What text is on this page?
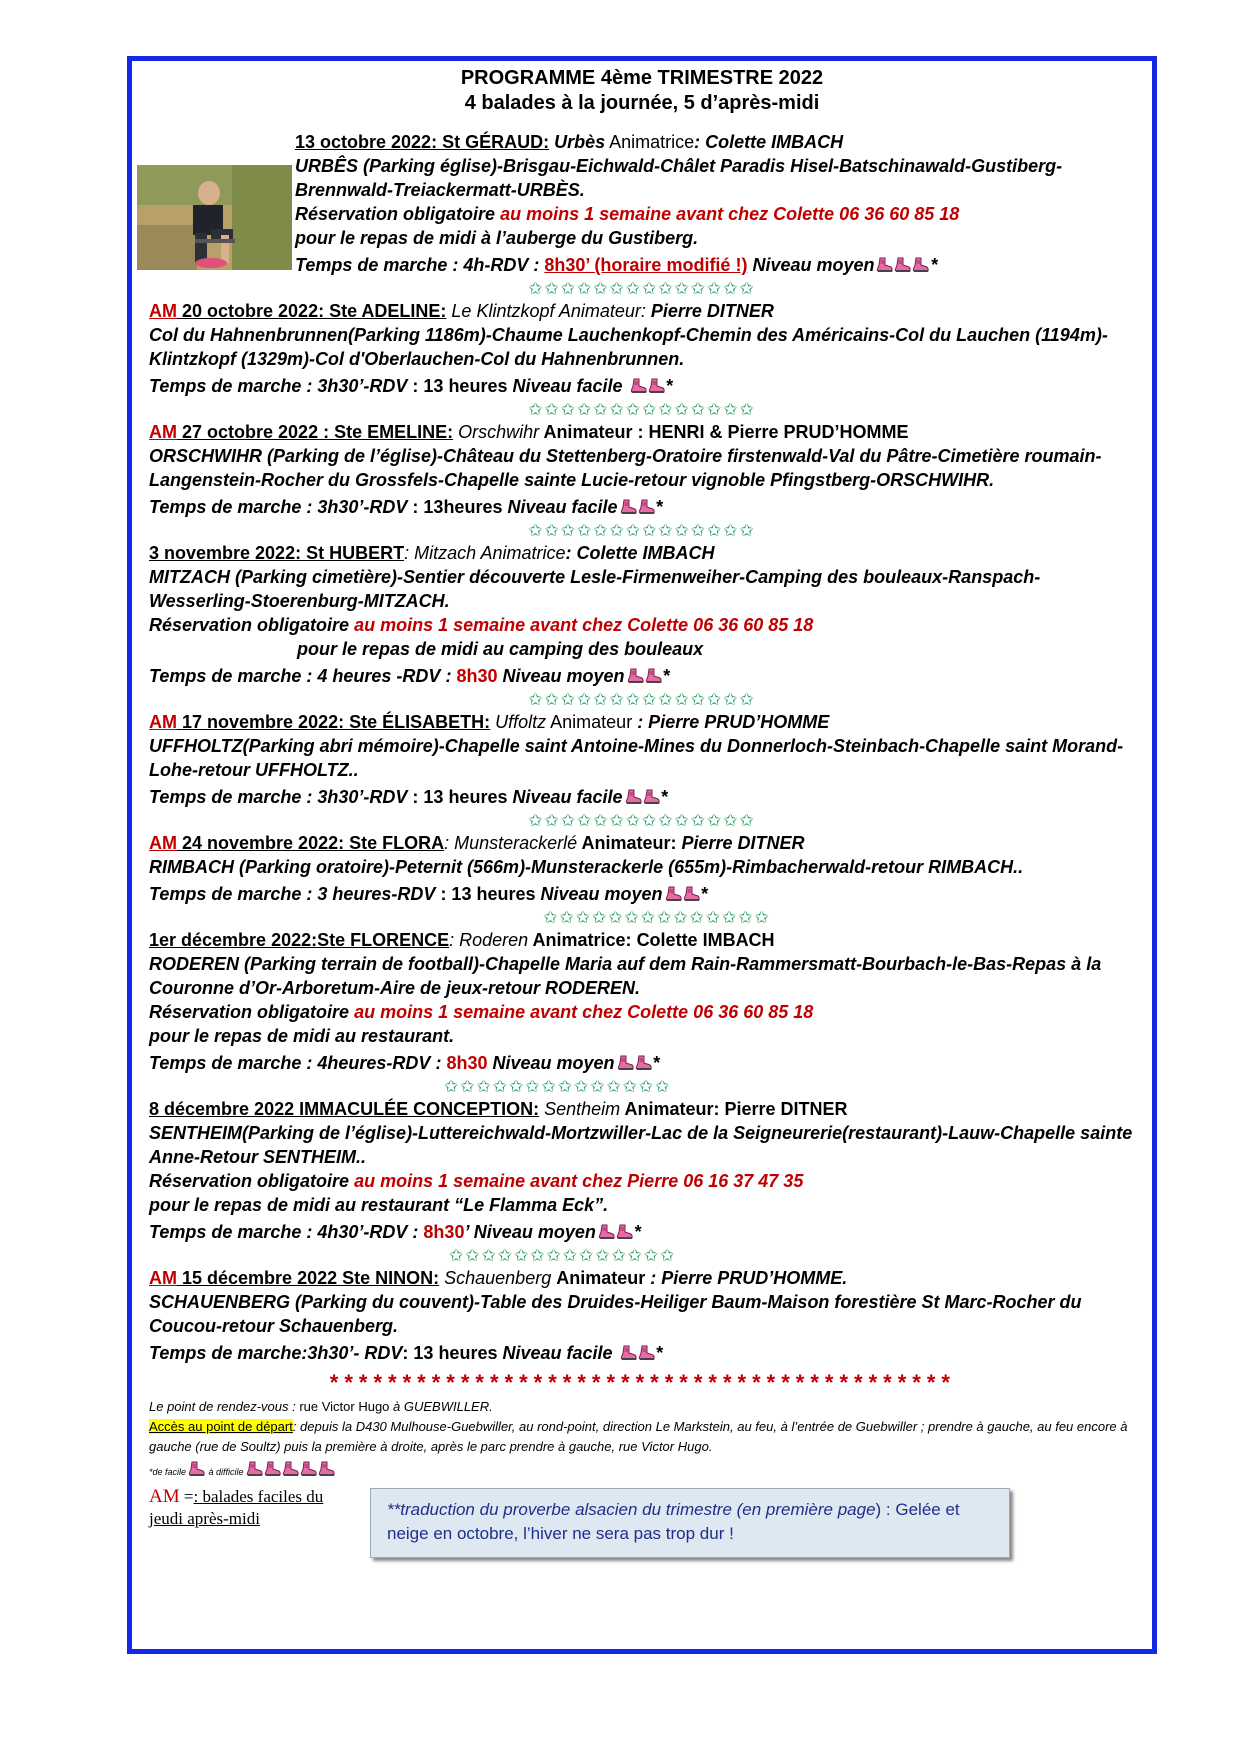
PROGRAMME 4ème TRIMESTRE 2022
4 balades à la journée, 5 d’après-midi

13 octobre 2022: St GÉRAUD: Urbès Animatrice: Colette IMBACH

URBÊS (Parking église)-Brisgau-Eichwald-Châlet Paradis Hisel-Batschinawald-Gustiberg-Brennwald-Treiackermatt-URBÈS.

Réservation obligatoire au moins 1 semaine avant chez Colette 06 36 60 85 18

pour le repas de midi à l’auberge du Gustiberg.

Temps de marche : 4h-RDV : 8h30’ (horaire modifié !) Niveau moyen	*

✩✩✩✩✩✩✩✩✩✩✩✩✩✩

AM 20 octobre 2022: Ste ADELINE: Le Klintzkopf Animateur: Pierre DITNER

Col du Hahnenbrunnen(Parking 1186m)-Chaume Lauchenkopf-Chemin des Américains-Col du Lauchen (1194m)-Klintzkopf (1329m)-Col d'Oberlauchen-Col du Hahnenbrunnen.

Temps de marche : 3h30’-RDV : 13 heures Niveau facile *

✩✩✩✩✩✩✩✩✩✩✩✩✩✩

AM 27 octobre 2022 : Ste EMELINE: Orschwihr Animateur : HENRI & Pierre PRUD’HOMME

ORSCHWIHR (Parking de l’église)-Château du Stettenberg-Oratoire firstenwald-Val du Pâtre-Cimetière roumain-Langenstein-Rocher du Grossfels-Chapelle sainte Lucie-retour vignoble Pfingstberg-ORSCHWIHR.

Temps de marche : 3h30’-RDV : 13heures Niveau facile *

✩✩✩✩✩✩✩✩✩✩✩✩✩✩

3 novembre 2022: St HUBERT: Mitzach Animatrice: Colette IMBACH

MITZACH (Parking cimetière)-Sentier découverte Lesle-Firmenweiher-Camping des bouleaux-Ranspach-Wesserling-Stoerenburg-MITZACH.

Réservation obligatoire au moins 1 semaine avant chez Colette 06 36 60 85 18

pour le repas de midi au camping des bouleaux

Temps de marche : 4 heures -RDV : 8h30 Niveau moyen *

✩✩✩✩✩✩✩✩✩✩✩✩✩✩

AM 17 novembre 2022: Ste ÉLISABETH: Uffoltz Animateur : Pierre PRUD’HOMME

UFFHOLTZ(Parking abri mémoire)-Chapelle saint Antoine-Mines du Donnerloch-Steinbach-Chapelle saint Morand-Lohe-retour UFFHOLTZ..

Temps de marche : 3h30’-RDV : 13 heures Niveau facile *

✩✩✩✩✩✩✩✩✩✩✩✩✩✩

AM 24 novembre 2022: Ste FLORA: Munsterackerlé Animateur: Pierre DITNER

RIMBACH (Parking oratoire)-Peternit (566m)-Munsterackerle (655m)-Rimbacherwald-retour RIMBACH..

Temps de marche : 3 heures-RDV : 13 heures Niveau moyen *

✩✩✩✩✩✩✩✩✩✩✩✩✩✩

1er décembre 2022:Ste FLORENCE: Roderen Animatrice: Colette IMBACH

RODEREN (Parking terrain de football)-Chapelle Maria auf dem Rain-Rammersmatt-Bourbach-le-Bas-Repas à la Couronne d’Or-Arboretum-Aire de jeux-retour RODEREN.

Réservation obligatoire au moins 1 semaine avant chez Colette 06 36 60 85 18

pour le repas de midi au restaurant.

Temps de marche : 4heures-RDV : 8h30 Niveau moyen *

✩✩✩✩✩✩✩✩✩✩✩✩✩✩

8 décembre 2022 IMMACULÉE CONCEPTION: Sentheim Animateur: Pierre DITNER

SENTHEIM(Parking de l’église)-Luttereichwald-Mortzwiller-Lac de la Seigneurerie(restaurant)-Lauw-Chapelle sainte Anne-Retour SENTHEIM..

Réservation obligatoire au moins 1 semaine avant chez Pierre 06 16 37 47 35

pour le repas de midi au restaurant “Le Flamma Eck”.

Temps de marche : 4h30’-RDV : 8h30’ Niveau moyen *

✩✩✩✩✩✩✩✩✩✩✩✩✩✩

AM 15 décembre 2022 Ste NINON: Schauenberg Animateur : Pierre PRUD’HOMME.

SCHAUENBERG (Parking du couvent)-Table des Druides-Heiliger Baum-Maison forestière St Marc-Rocher du Coucou-retour Schauenberg.

Temps de marche:3h30’- RDV: 13 heures Niveau facile *

*******************************************
Le point de rendez-vous : rue Victor Hugo à GUEBWILLER.
Accès au point de départ: depuis la D430 Mulhouse-Guebwiller, au rond-point, direction Le Markstein, au feu, à l’entrée de Guebwiller ; prendre à gauche, au feu encore à gauche (rue de Soultz) puis la première à droite, après le parc prendre à gauche, rue Victor Hugo.
*de facile à difficile
AM =: balades faciles du
jeudi après-midi	**traduction du proverbe alsacien du trimestre (en première page) : Gelée et neige en octobre, l’hiver ne sera pas trop dur !
